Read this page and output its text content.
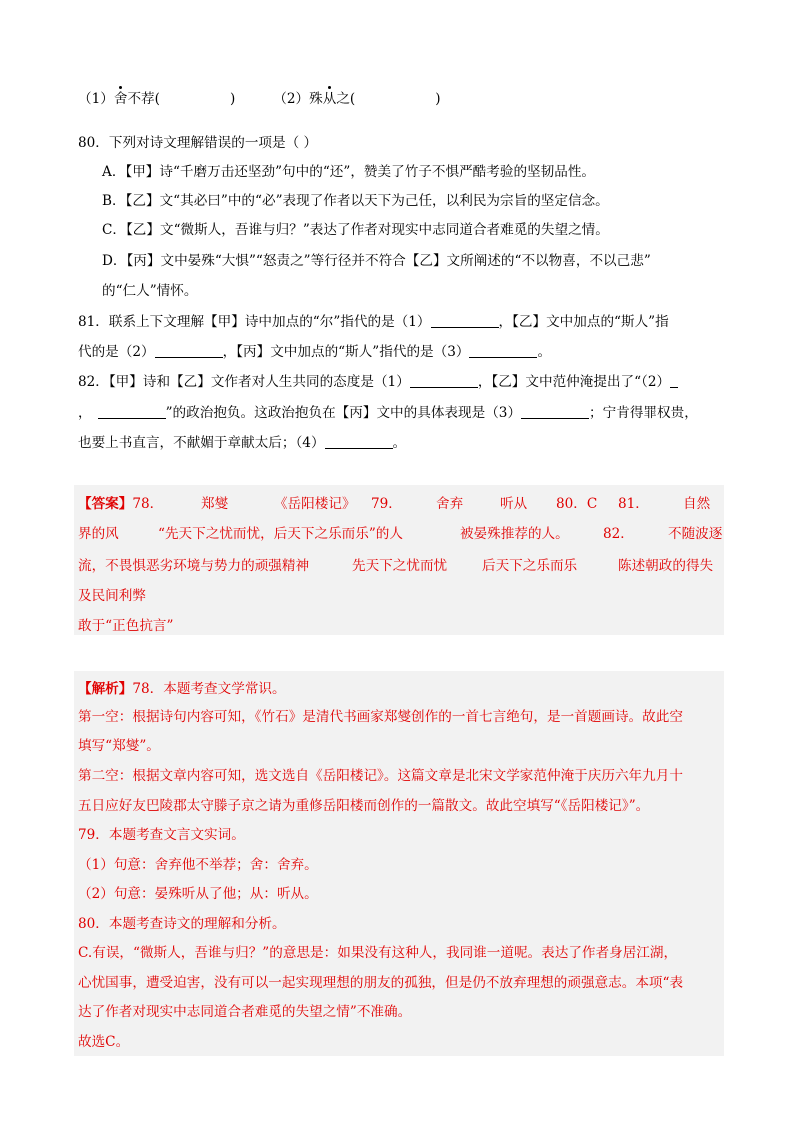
（1）舍不荐(	)	（2）殊从之(	)
80．下列对诗文理解错误的一项是（ ）
A．【甲】诗“千磨万击还坚劲”句中的“还”，赞美了竹子不惧严酷考验的坚韧品性。
B．【乙】文“其必曰”中的“必”表现了作者以天下为己任，以利民为宗旨的坚定信念。
C．【乙】文“微斯人，吾谁与归？”表达了作者对现实中志同道合者难觅的失望之情。
D．【丙】文中晏殊“大惧”“怒责之”等行径并不符合【乙】文所阐述的“不以物喜，不以己悲”
的“仁人”情怀。
81．联系上下文理解【甲】诗中加点的“尔”指代的是（1）	，【乙】文中加点的“斯人”指
代的是（2）	，【丙】文中加点的“斯人”指代的是（3）	。
82．【甲】诗和【乙】文作者对人生共同的态度是（1）	，【乙】文中范仲淹提出了“（2）
，	”的政治抱负。这政治抱负在【丙】文中的具体表现是（3）	；宁肯得罪权贵，
也要上书直言，不献媚于章献太后；（4）	。
【答案】78．	郑燮	《岳阳楼记》 79．	舍弃	听从 80．C 81．	自然
界的风	“先天下之忧而忧，后天下之乐而乐”的人	被晏殊推荐的人。	82．	不随波逐
流，不畏惧恶劣环境与势力的顽强精神	先天下之忧而忧	后天下之乐而乐	陈述朝政的得失
及民间利弊
敢于“正色抗言”
【解析】78．本题考查文学常识。
第一空：根据诗句内容可知，《竹石》是清代书画家郑燮创作的一首七言绝句，是一首题画诗。故此空
填写“郑燮”。
第二空：根据文章内容可知，选文选自《岳阳楼记》。这篇文章是北宋文学家范仲淹于庆历六年九月十
五日应好友巴陵郡太守滕子京之请为重修岳阳楼而创作的一篇散文。故此空填写“《岳阳楼记》”。
79．本题考查文言文实词。
（1）句意：舍弃他不举荐；舍：舍弃。
（2）句意：晏殊听从了他；从：听从。
80．本题考查诗文的理解和分析。
C.有误，“微斯人，吾谁与归？”的意思是：如果没有这种人，我同谁一道呢。表达了作者身居江湖，
心忧国事，遭受迫害，没有可以一起实现理想的朋友的孤独，但是仍不放弃理想的顽强意志。本项“表
达了作者对现实中志同道合者难觅的失望之情”不准确。
故选C。
